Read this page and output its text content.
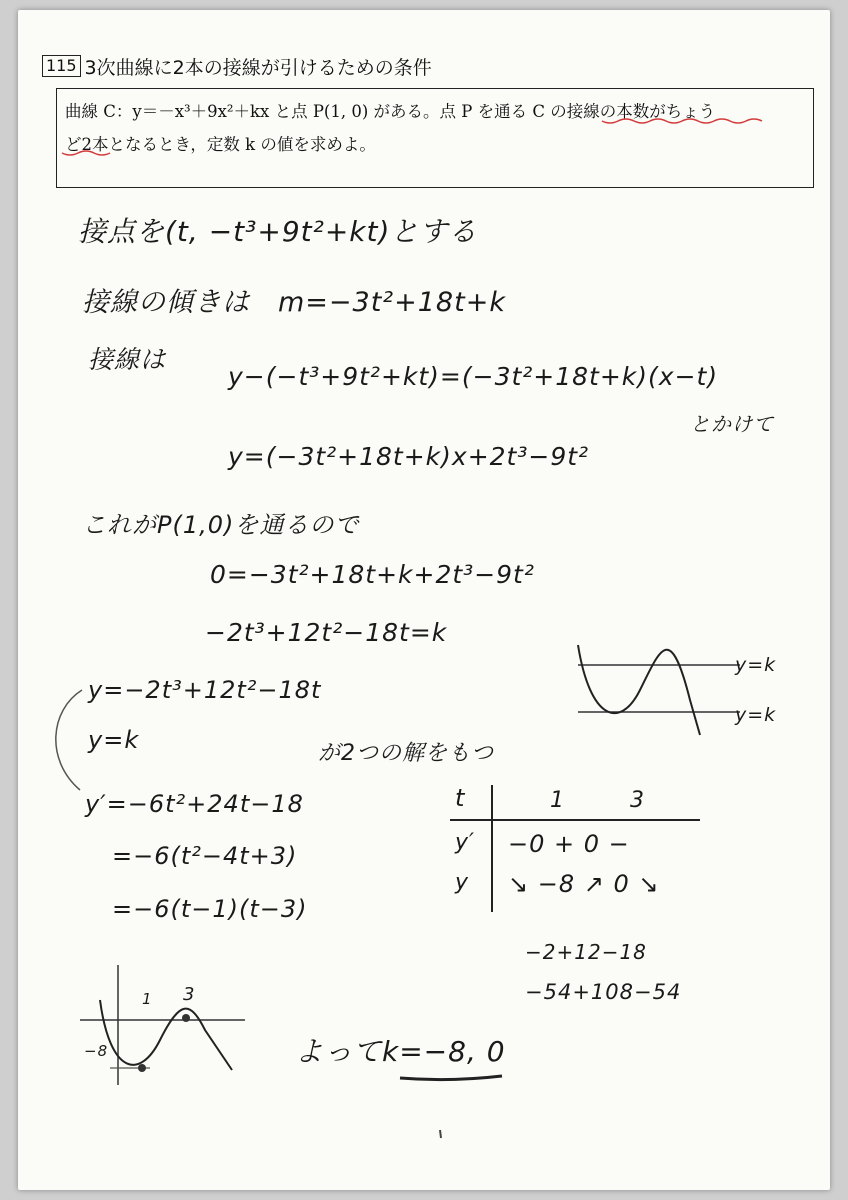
115 3次曲線に2本の接線が引けるための条件
曲線 C：y＝－x³＋9x²＋kx と点 P(1, 0) がある。点 P を通る C の接線の本数がちょう
ど2本となるとき，定数 k の値を求めよ。
接点を(t, −t³+9t²+kt)とする
接線の傾きは　m=−3t²+18t+k
接線は
y−(−t³+9t²+kt)=(−3t²+18t+k)(x−t)
とかけて
y=(−3t²+18t+k)x+2t³−9t²
これがP(1,0)を通るので
0=−3t²+18t+k+2t³−9t²
−2t³+12t²−18t=k
y=−2t³+12t²−18t
y=k	が2つの解をもつ
y=k
y=k
y′=−6t²+24t−18
=−6(t²−4t+3)
=−6(t−1)(t−3)
t	1	3
y′ −0 + 0 −
y ↘ −8 ↗ 0 ↘
−2+12−18
−54+108−54
1 3
−8	よってk=−8, 0
